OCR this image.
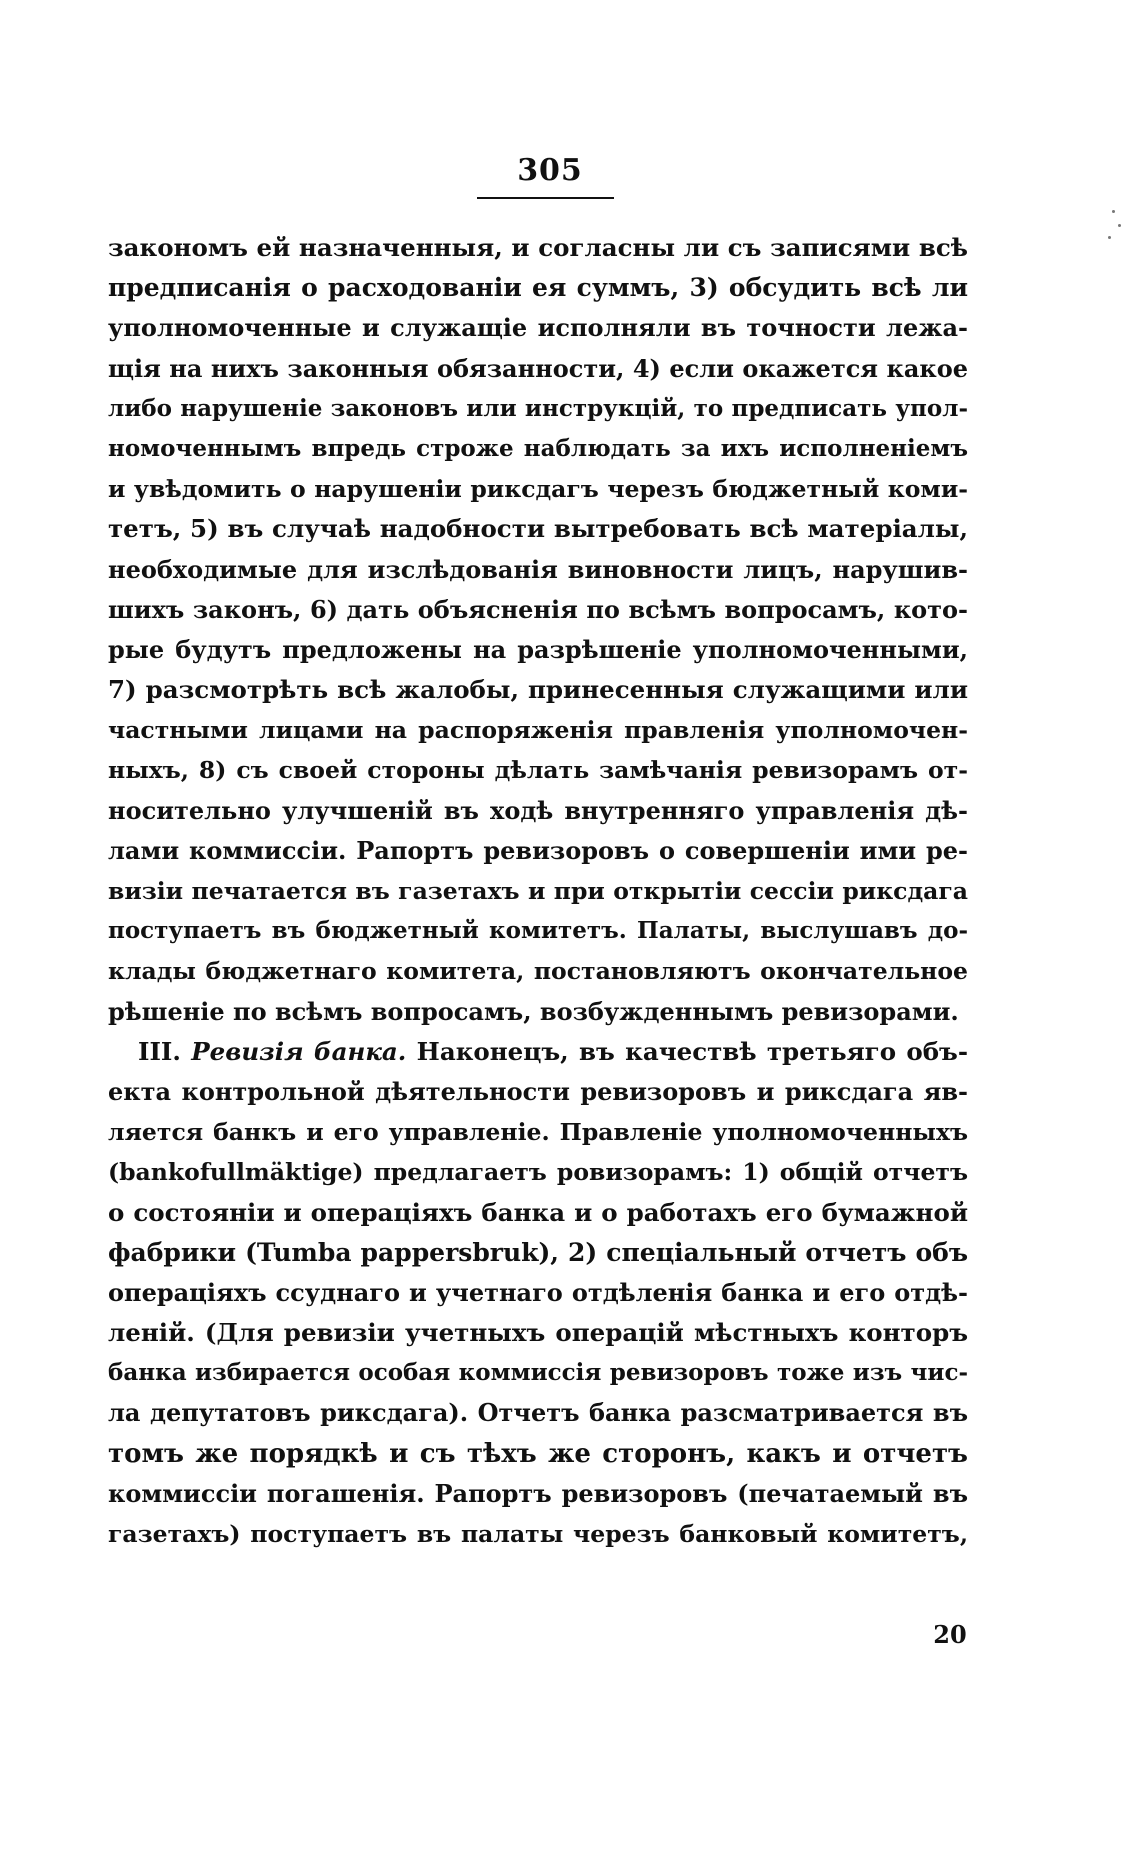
305
закономъ ей назначенныя, и согласны ли съ записями всѣ
предписанія о расходованіи ея суммъ, 3) обсудить всѣ ли
уполномоченные и служащіе исполняли въ точности лежа-
щія на нихъ законныя обязанности, 4) если окажется какое
либо нарушеніе законовъ или инструкцій, то предписать упол-
номоченнымъ впредь строже наблюдать за ихъ исполненіемъ
и увѣдомить о нарушеніи риксдагъ черезъ бюджетный коми-
тетъ, 5) въ случаѣ надобности вытребовать всѣ матеріалы,
необходимые для изслѣдованія виновности лицъ, нарушив-
шихъ законъ, 6) дать объясненія по всѣмъ вопросамъ, кото-
рые будутъ предложены на разрѣшеніе уполномоченными,
7) разсмотрѣть всѣ жалобы, принесенныя служащими или
частными лицами на распоряженія правленія уполномочен-
ныхъ, 8) съ своей стороны дѣлать замѣчанія ревизорамъ от-
носительно улучшеній въ ходѣ внутренняго управленія дѣ-
лами коммиссіи. Рапортъ ревизоровъ о совершеніи ими ре-
визіи печатается въ газетахъ и при открытіи сессіи риксдага
поступаетъ въ бюджетный комитетъ. Палаты, выслушавъ до-
клады бюджетнаго комитета, постановляютъ окончательное
рѣшеніе по всѣмъ вопросамъ, возбужденнымъ ревизорами.
III. Ревизія банка. Наконецъ, въ качествѣ третьяго объ-
ектa контрольной дѣятельности ревизоровъ и риксдага яв-
ляется банкъ и его управленіе. Правленіе уполномоченныхъ
(bankofullmäktige) предлагаетъ ровизорамъ: 1) общій отчетъ
о состояніи и операціяхъ банка и о работахъ его бумажной
фабрики (Tumba pappersbruk), 2) спеціальный отчетъ объ
операціяхъ ссуднаго и учетнаго отдѣленія банка и его отдѣ-
леній. (Для ревизіи учетныхъ операцій мѣстныхъ конторъ
банка избирается особая коммиссія ревизоровъ тоже изъ чис-
ла депутатовъ риксдага). Отчетъ банка разсматривается въ
томъ же порядкѣ и съ тѣхъ же сторонъ, какъ и отчетъ
коммиссіи погашенія. Рапортъ ревизоровъ (печатаемый въ
газетахъ) поступаетъ въ палаты черезъ банковый комитетъ,
20
